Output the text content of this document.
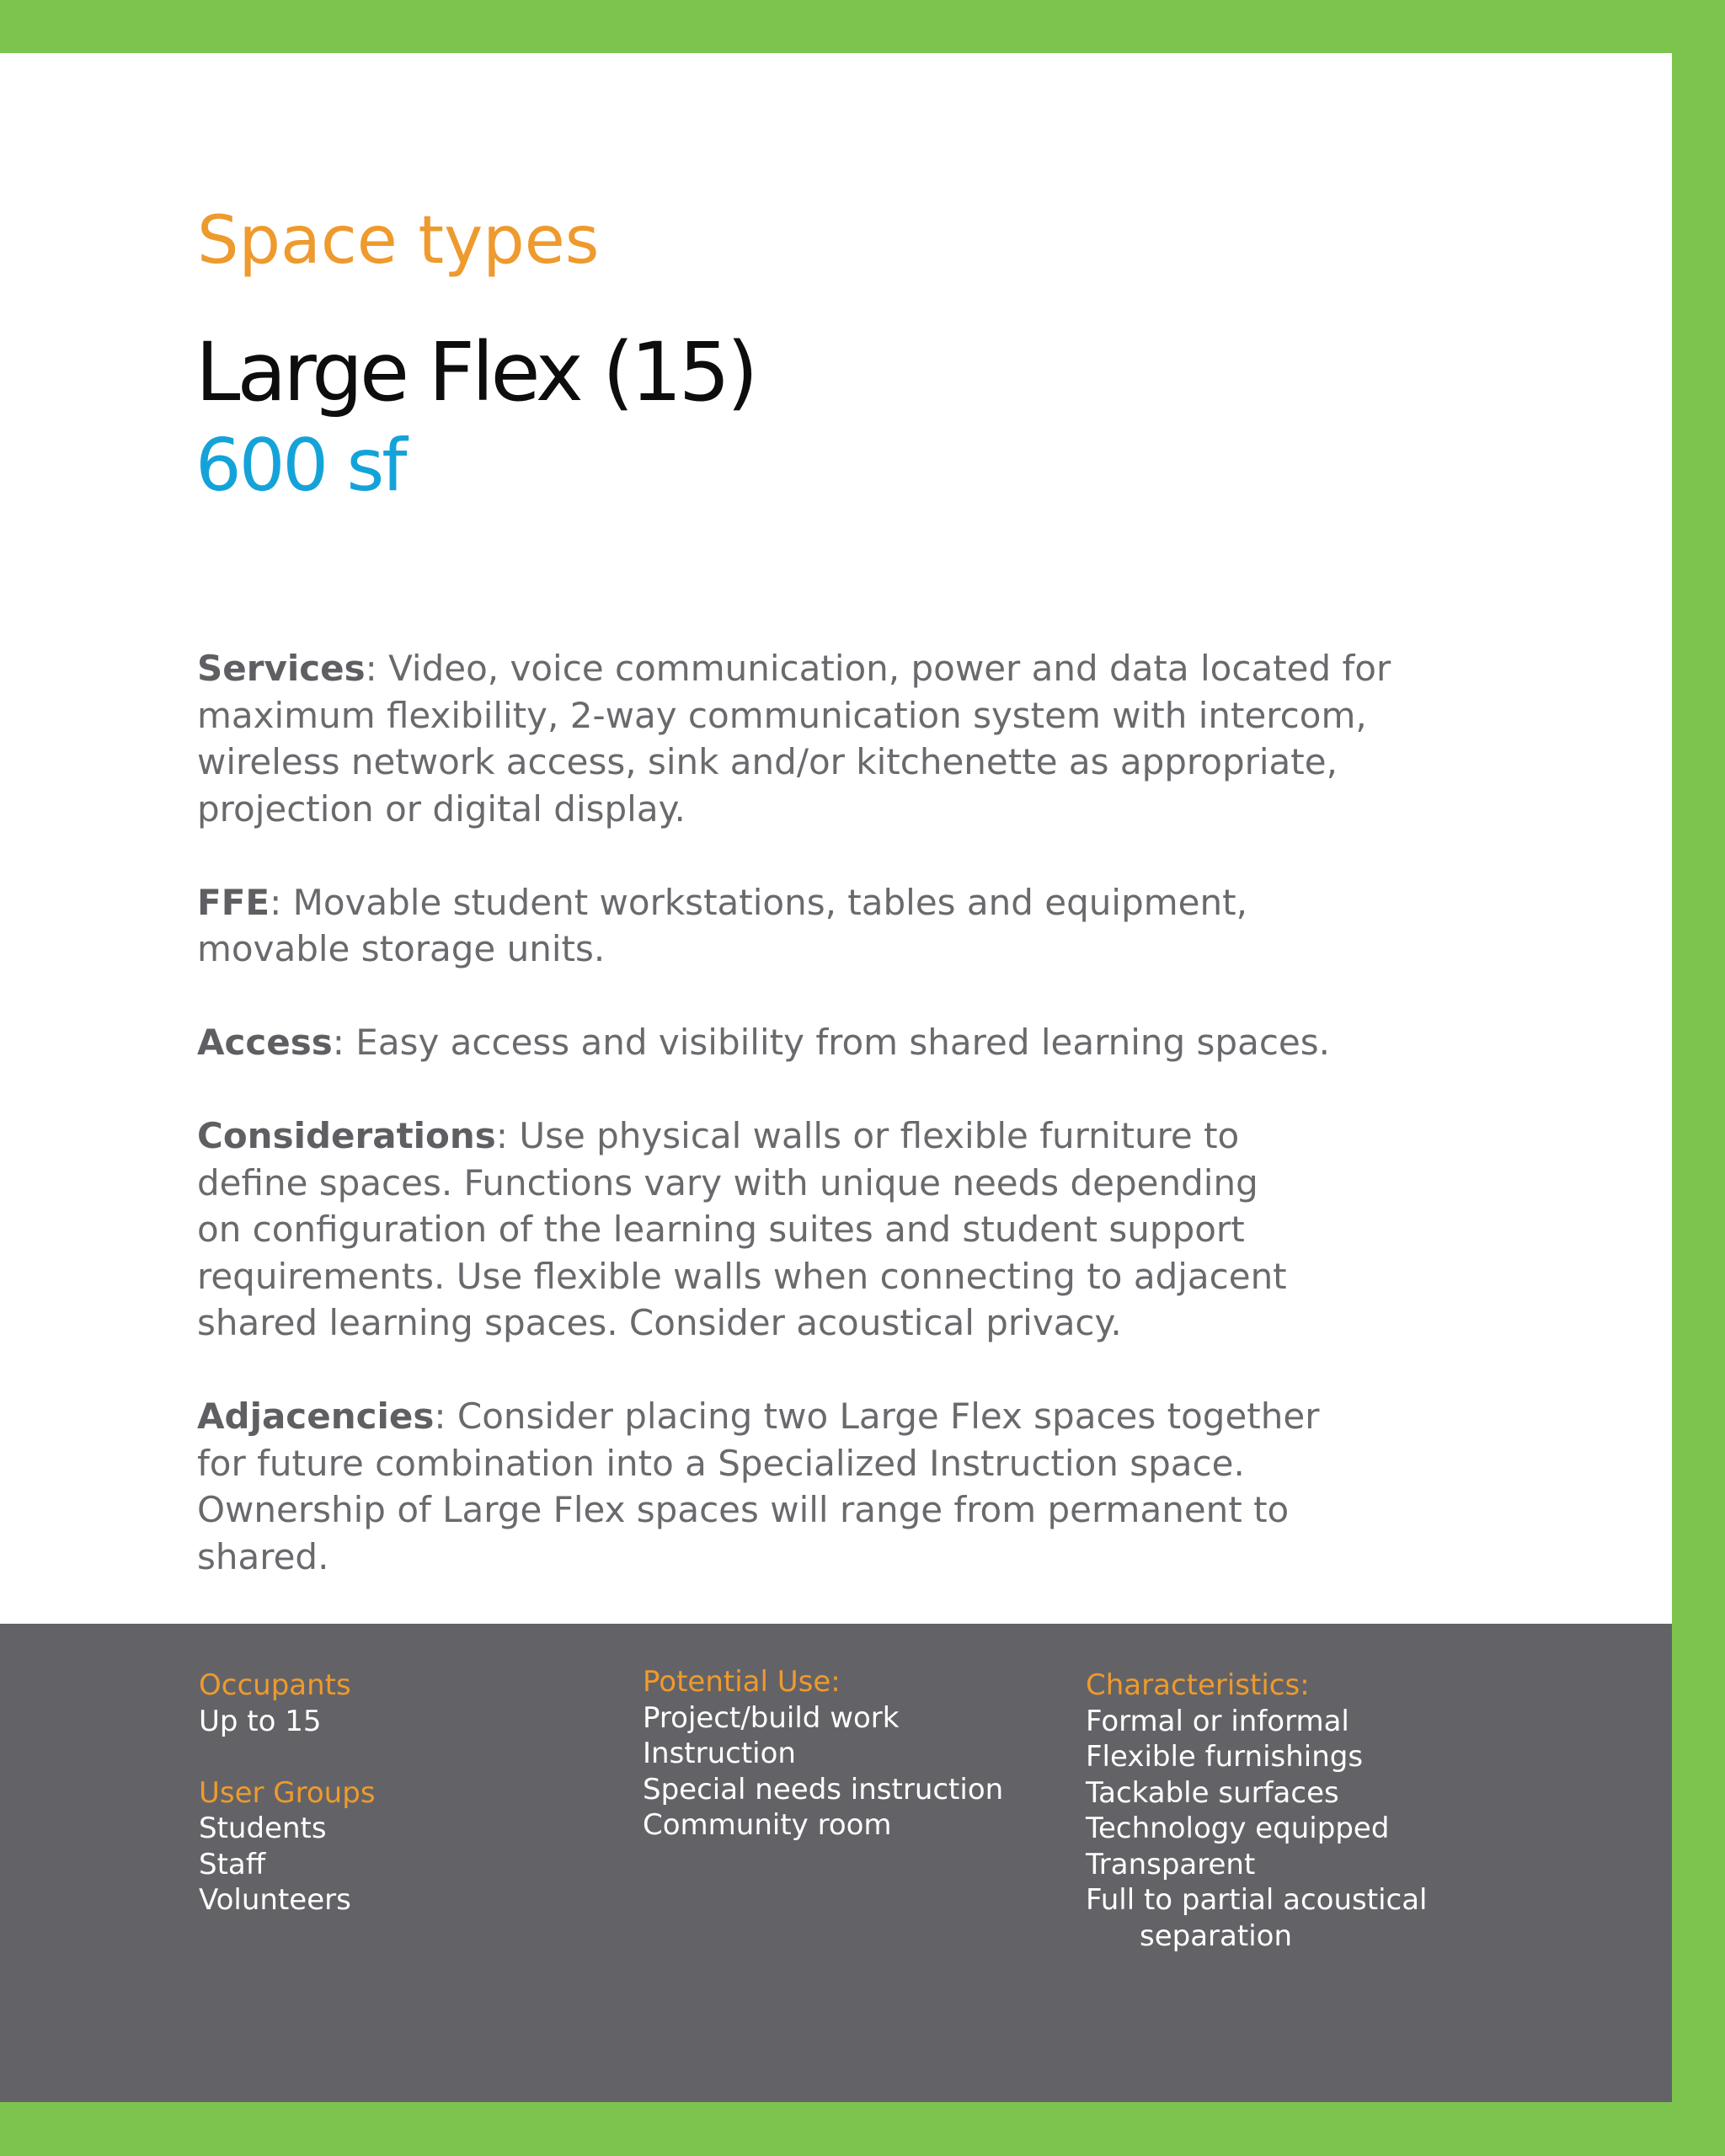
Space types
Large Flex (15)
600 sf

Services: Video, voice communication, power and data located for
maximum flexibility, 2-way communication system with intercom,
wireless network access, sink and/or kitchenette as appropriate,
projection or digital display.

FFE: Movable student workstations, tables and equipment,
movable storage units.

Access: Easy access and visibility from shared learning spaces.

Considerations: Use physical walls or flexible furniture to
define spaces. Functions vary with unique needs depending
on configuration of the learning suites and student support
requirements. Use flexible walls when connecting to adjacent
shared learning spaces. Consider acoustical privacy.

Adjacencies: Consider placing two Large Flex spaces together
for future combination into a Specialized Instruction space.
Ownership of Large Flex spaces will range from permanent to
shared.

Occupants
Up to 15
User Groups
Students
Staff
Volunteers
Potential Use:
Project/build work
Instruction
Special needs instruction
Community room
Characteristics:
Formal or informal
Flexible furnishings
Tackable surfaces
Technology equipped
Transparent
Full to partial acoustical
separation
